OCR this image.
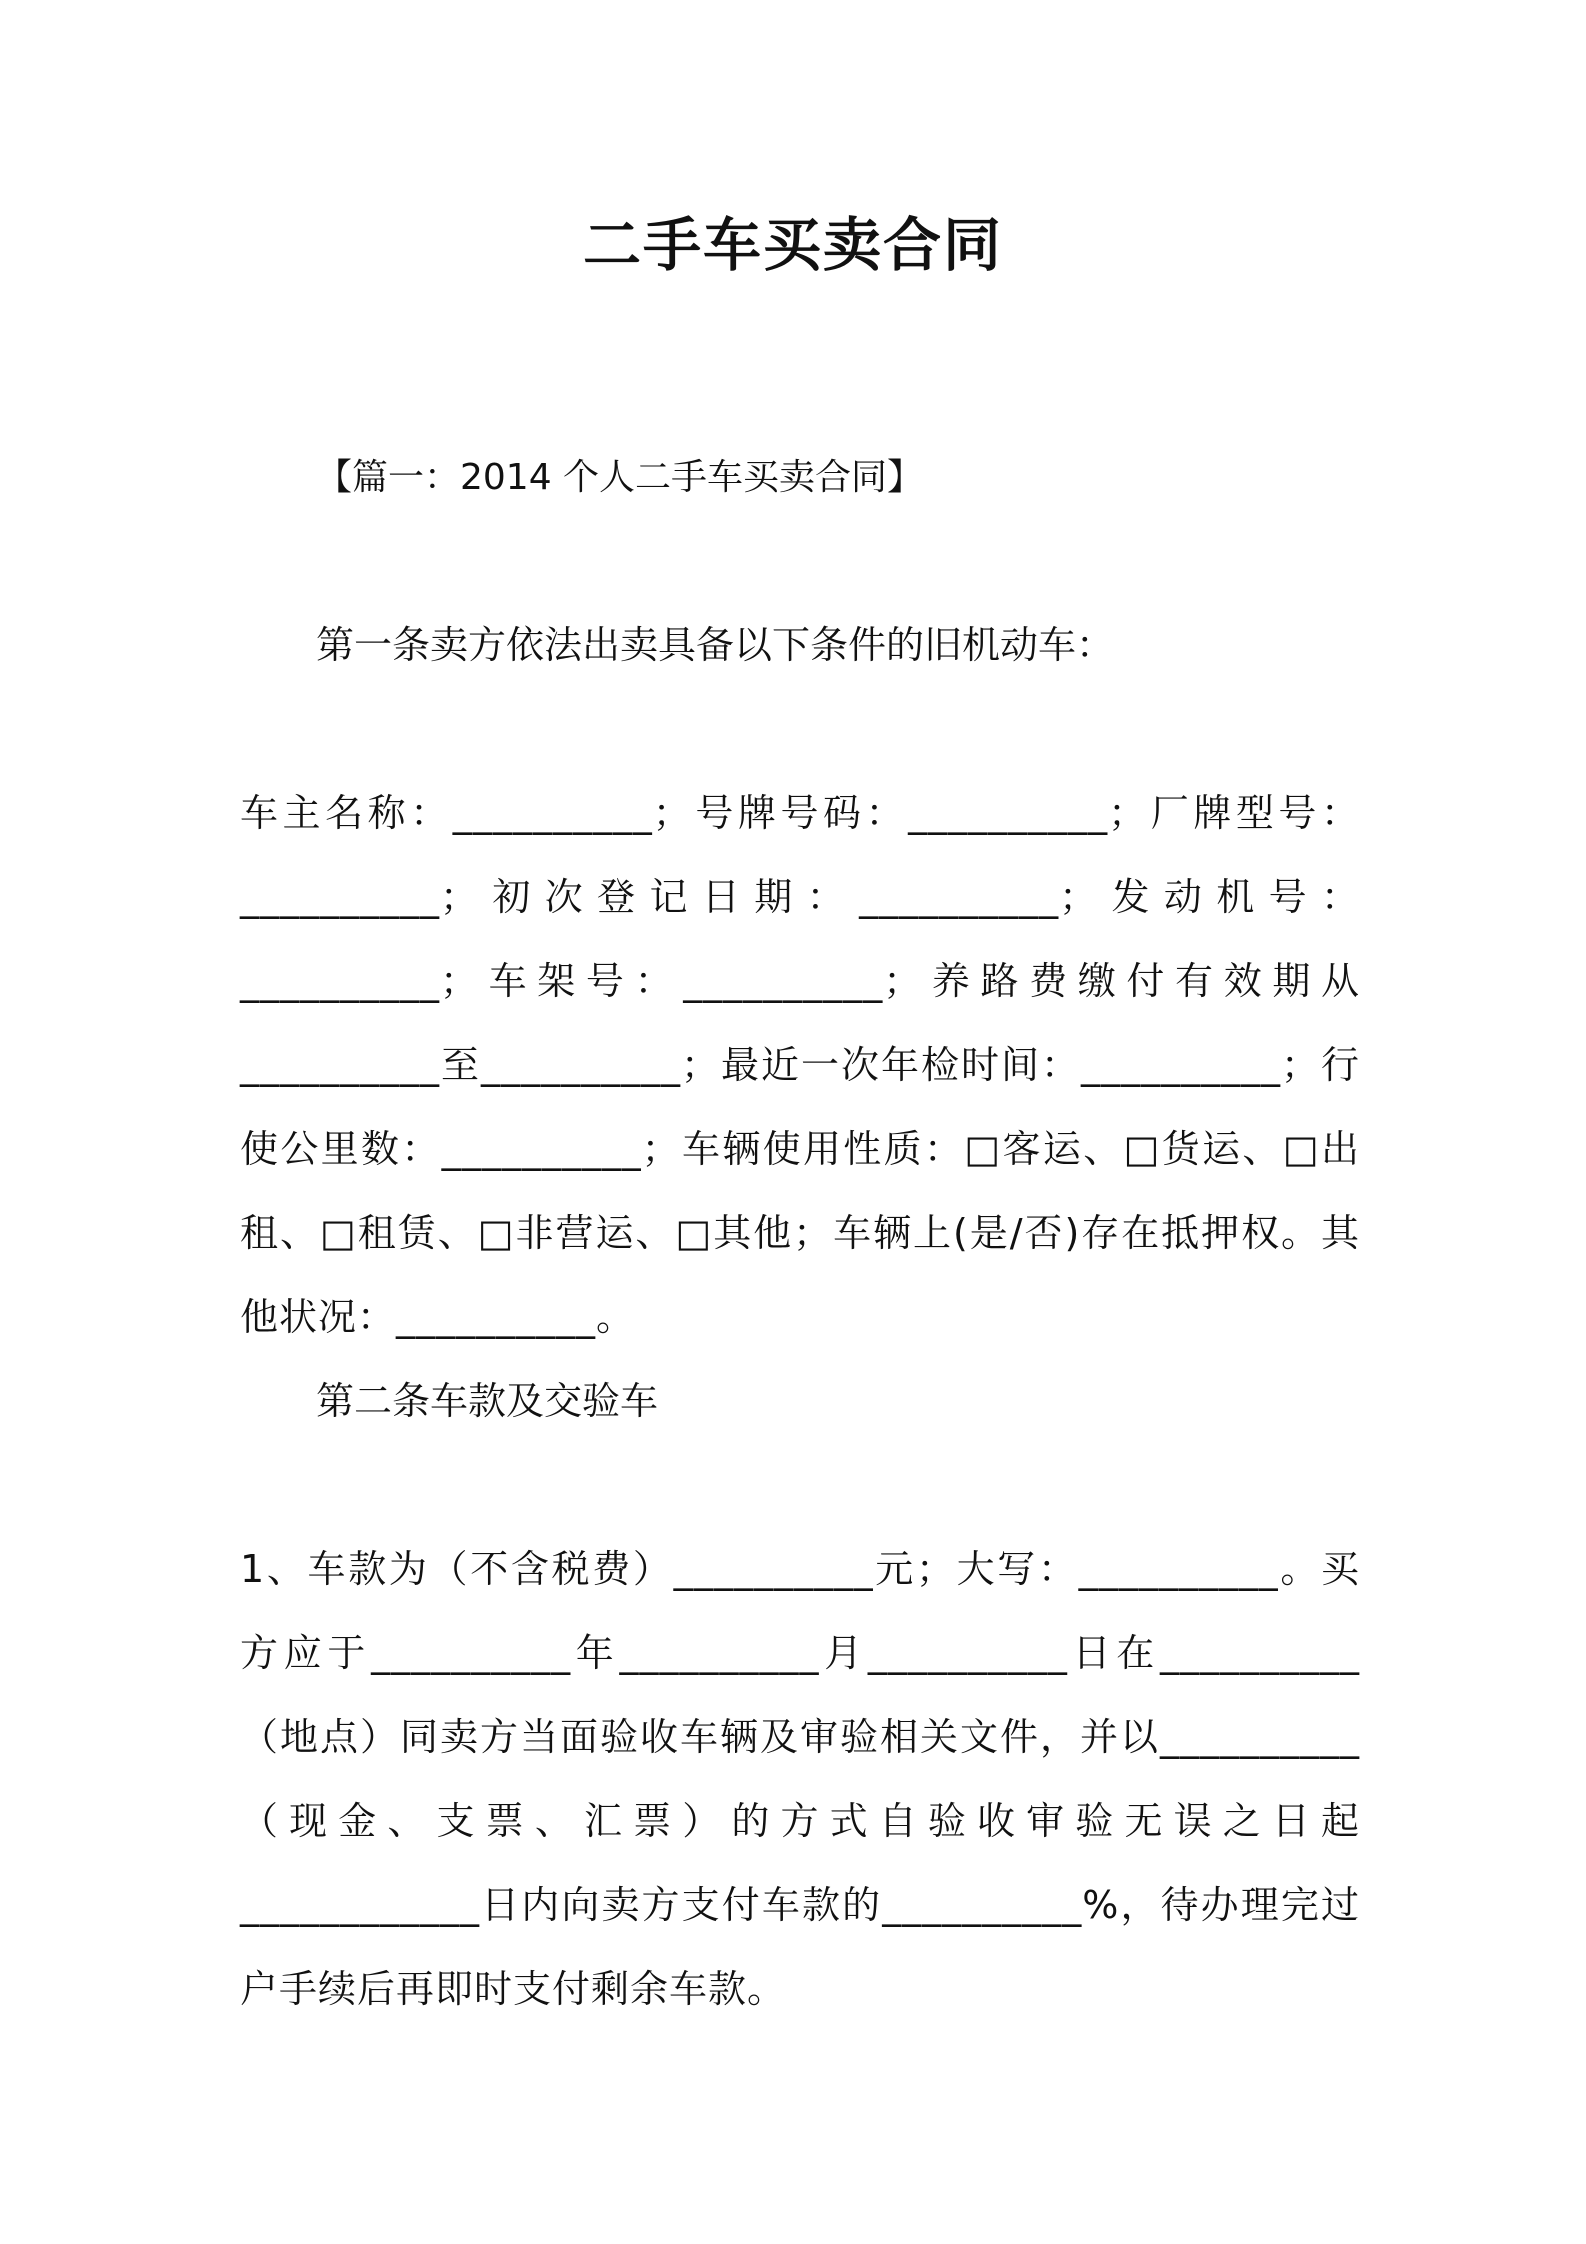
二手车买卖合同

【篇一：2014 个人二手车买卖合同】

第一条卖方依法出卖具备以下条件的旧机动车：

车主名称：__________；号牌号码：__________；厂牌型号：__________；初次登记日期：__________；发动机号：__________；车架号：__________；养路费缴付有效期从__________至__________；最近一次年检时间：__________；行使公里数：__________；车辆使用性质：□客运、□货运、□出租、□租赁、□非营运、□其他；车辆上(是/否)存在抵押权。其他状况：__________。

第二条车款及交验车

1、车款为（不含税费）__________元；大写：__________。买方应于__________年__________月__________日在__________（地点）同卖方当面验收车辆及审验相关文件，并以__________（现金、支票、汇票）的方式自验收审验无误之日起____________日内向卖方支付车款的__________%，待办理完过户手续后再即时支付剩余车款。
